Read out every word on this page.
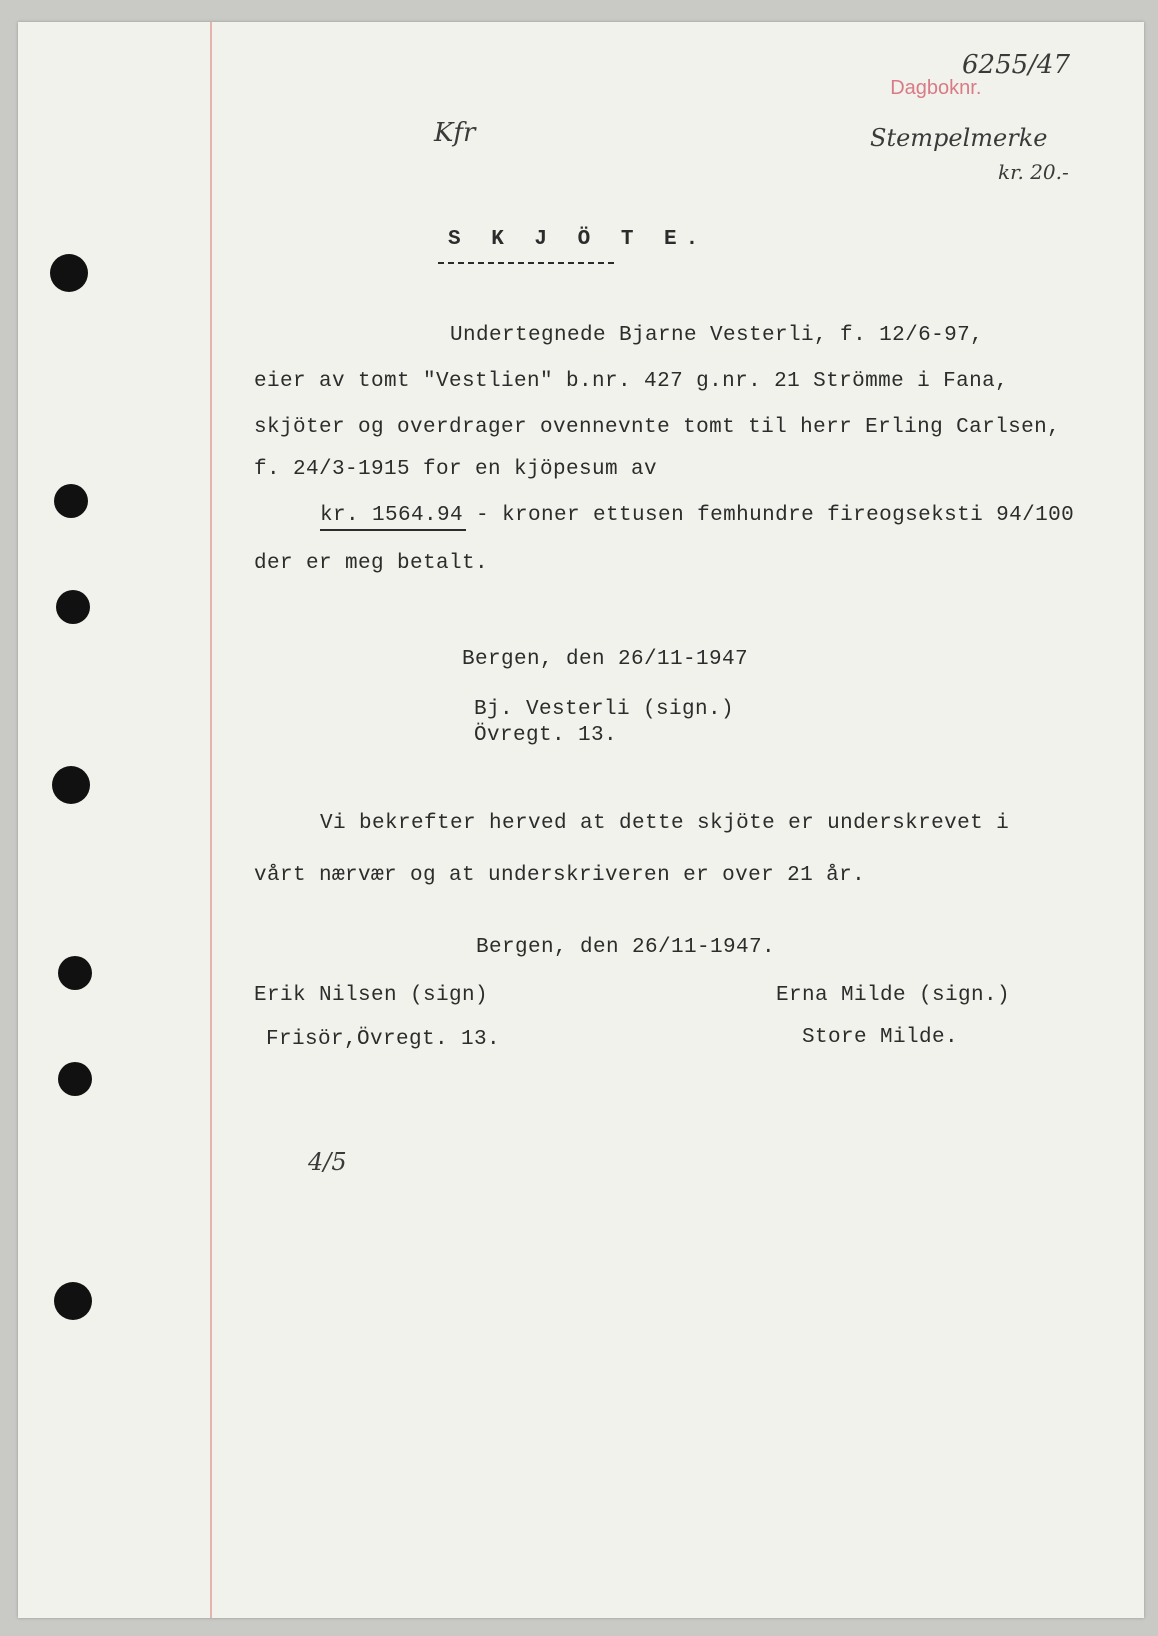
Dagboknr.

6255/47
Stempelmerke
kr. 20.-
Kfr
S K J Ö T E.
Undertegnede Bjarne Vesterli, f. 12/6-97,
eier av tomt "Vestlien" b.nr. 427 g.nr. 21 Strömme i Fana,
skjöter og overdrager ovennevnte tomt til herr Erling Carlsen,
f. 24/3-1915 for en kjöpesum av
kr. 1564.94 - kroner ettusen femhundre fireogseksti 94/100
der er meg betalt.
Bergen, den 26/11-1947
Bj. Vesterli (sign.)
Övregt. 13.
Vi bekrefter herved at dette skjöte er underskrevet i
vårt nærvær og at underskriveren er over 21 år.
Bergen, den 26/11-1947.
Erik Nilsen (sign)
Frisör,Övregt. 13.
Erna Milde (sign.)
Store Milde.
4/5
